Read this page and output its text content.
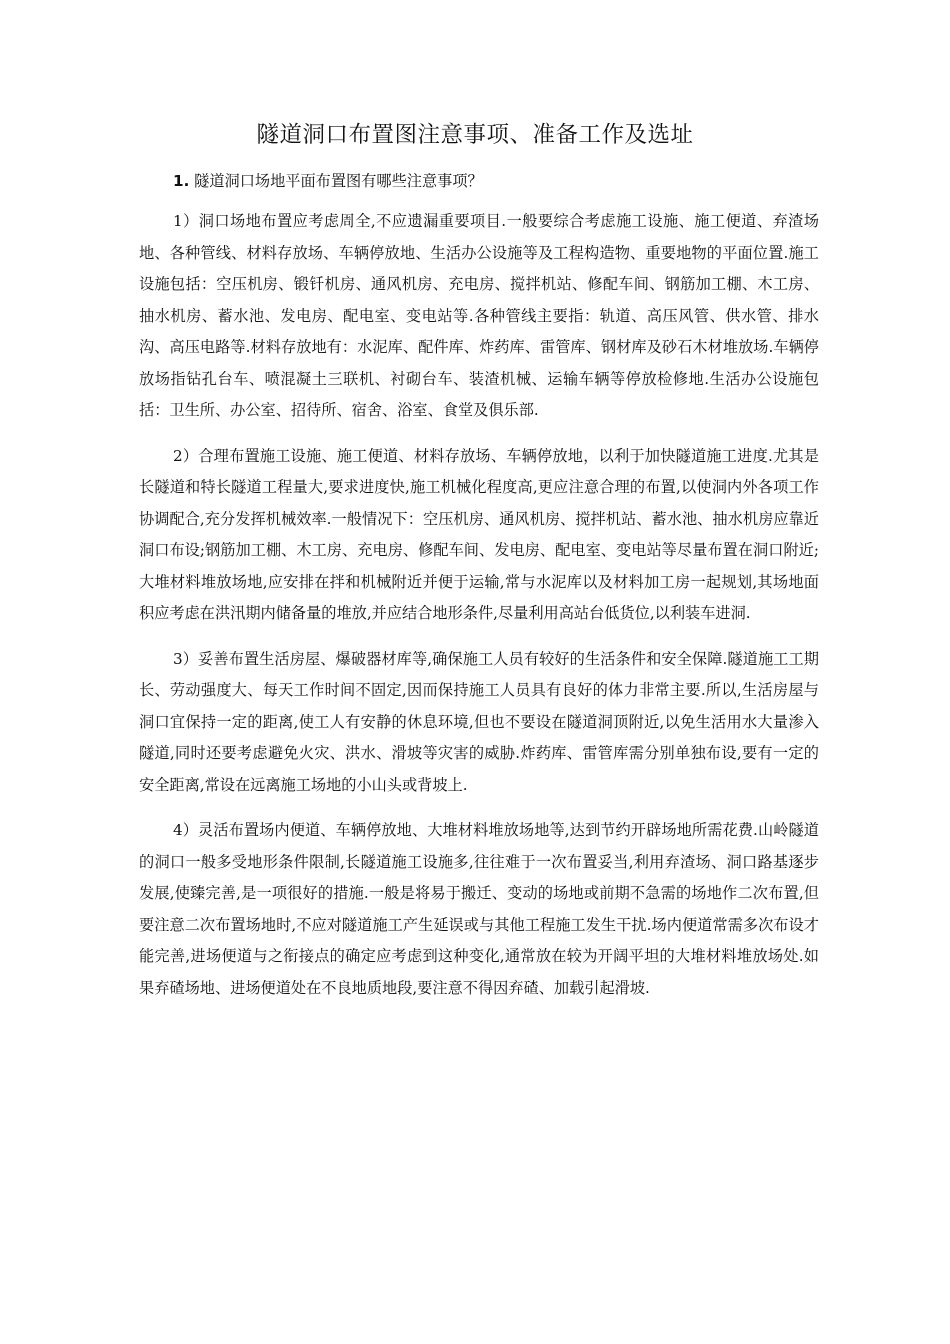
隧道洞口布置图注意事项、准备工作及选址

1. 隧道洞口场地平面布置图有哪些注意事项？

1）洞口场地布置应考虑周全,不应遗漏重要项目.一般要综合考虑施工设施、施工便道、弃渣场地、各种管线、材料存放场、车辆停放地、生活办公设施等及工程构造物、重要地物的平面位置.施工设施包括：空压机房、锻钎机房、通风机房、充电房、搅拌机站、修配车间、钢筋加工棚、木工房、抽水机房、蓄水池、发电房、配电室、变电站等.各种管线主要指：轨道、高压风管、供水管、排水沟、高压电路等.材料存放地有：水泥库、配件库、炸药库、雷管库、钢材库及砂石木材堆放场.车辆停放场指钻孔台车、喷混凝土三联机、衬砌台车、装渣机械、运输车辆等停放检修地.生活办公设施包括：卫生所、办公室、招待所、宿舍、浴室、食堂及俱乐部.

2）合理布置施工设施、施工便道、材料存放场、车辆停放地，以利于加快隧道施工进度.尤其是长隧道和特长隧道工程量大,要求进度快,施工机械化程度高,更应注意合理的布置,以使洞内外各项工作协调配合,充分发挥机械效率.一般情况下：空压机房、通风机房、搅拌机站、蓄水池、抽水机房应靠近洞口布设;钢筋加工棚、木工房、充电房、修配车间、发电房、配电室、变电站等尽量布置在洞口附近;大堆材料堆放场地,应安排在拌和机械附近并便于运输,常与水泥库以及材料加工房一起规划,其场地面积应考虑在洪汛期内储备量的堆放,并应结合地形条件,尽量利用高站台低货位,以利装车进洞.

3）妥善布置生活房屋、爆破器材库等,确保施工人员有较好的生活条件和安全保障.隧道施工工期长、劳动强度大、每天工作时间不固定,因而保持施工人员具有良好的体力非常主要.所以,生活房屋与洞口宜保持一定的距离,使工人有安静的休息环境,但也不要设在隧道洞顶附近,以免生活用水大量渗入隧道,同时还要考虑避免火灾、洪水、滑坡等灾害的威胁.炸药库、雷管库需分别单独布设,要有一定的安全距离,常设在远离施工场地的小山头或背坡上.

4）灵活布置场内便道、车辆停放地、大堆材料堆放场地等,达到节约开辟场地所需花费.山岭隧道的洞口一般多受地形条件限制,长隧道施工设施多,往往难于一次布置妥当,利用弃渣场、洞口路基逐步发展,使臻完善,是一项很好的措施.一般是将易于搬迁、变动的场地或前期不急需的场地作二次布置,但要注意二次布置场地时,不应对隧道施工产生延误或与其他工程施工发生干扰.场内便道常需多次布设才能完善,进场便道与之衔接点的确定应考虑到这种变化,通常放在较为开阔平坦的大堆材料堆放场处.如果弃碴场地、进场便道处在不良地质地段,要注意不得因弃碴、加载引起滑坡.
